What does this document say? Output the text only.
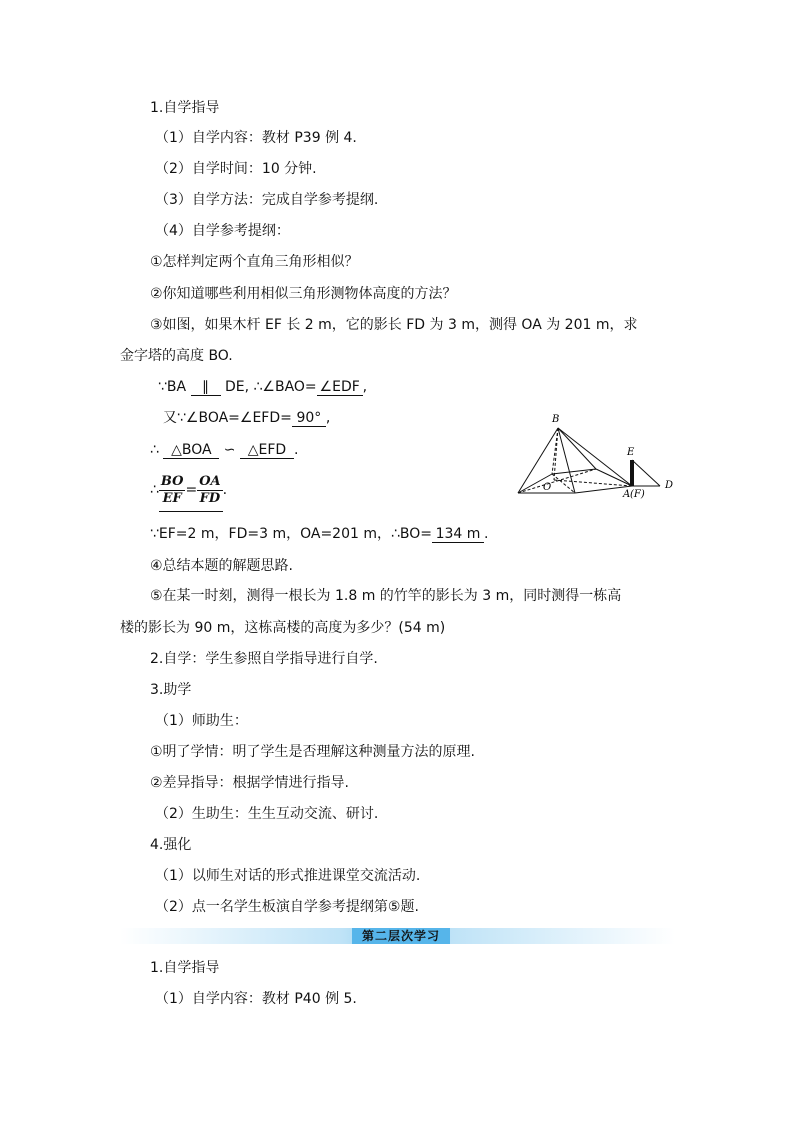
1.自学指导
（1）自学内容：教材 P39 例 4.
（2）自学时间：10 分钟.
（3）自学方法：完成自学参考提纲.
（4）自学参考提纲：
①怎样判定两个直角三角形相似？
②你知道哪些利用相似三角形测物体高度的方法？
③如图，如果木杆 EF 长 2 m，它的影长 FD 为 3 m，测得 OA 为 201 m，求
金字塔的高度 BO.
∵BA ∥ DE, ∴∠BAO= ∠EDF ,
又∵∠BOA=∠EFD= 90° ,
∴ △BOA ∽ △EFD .
∴ $\frac{BO}{EF} = \frac{OA}{FD}$ .
∵EF=2 m，FD=3 m，OA=201 m，∴BO= 134 m .
B
O
E
A (F)
D
④总结本题的解题思路.
⑤在某一时刻，测得一根长为 1.8 m 的竹竿的影长为 3 m，同时测得一栋高
楼的影长为 90 m，这栋高楼的高度为多少？(54 m)
2.自学：学生参照自学指导进行自学.
3.助学
（1）师助生：
①明了学情：明了学生是否理解这种测量方法的原理.
②差异指导：根据学情进行指导.
（2）生助生：生生互动交流、研讨.
4.强化
（1）以师生对话的形式推进课堂交流活动.
（2）点一名学生板演自学参考提纲第⑤题.
第二层次学习
1.自学指导
（1）自学内容：教材 P40 例 5.
